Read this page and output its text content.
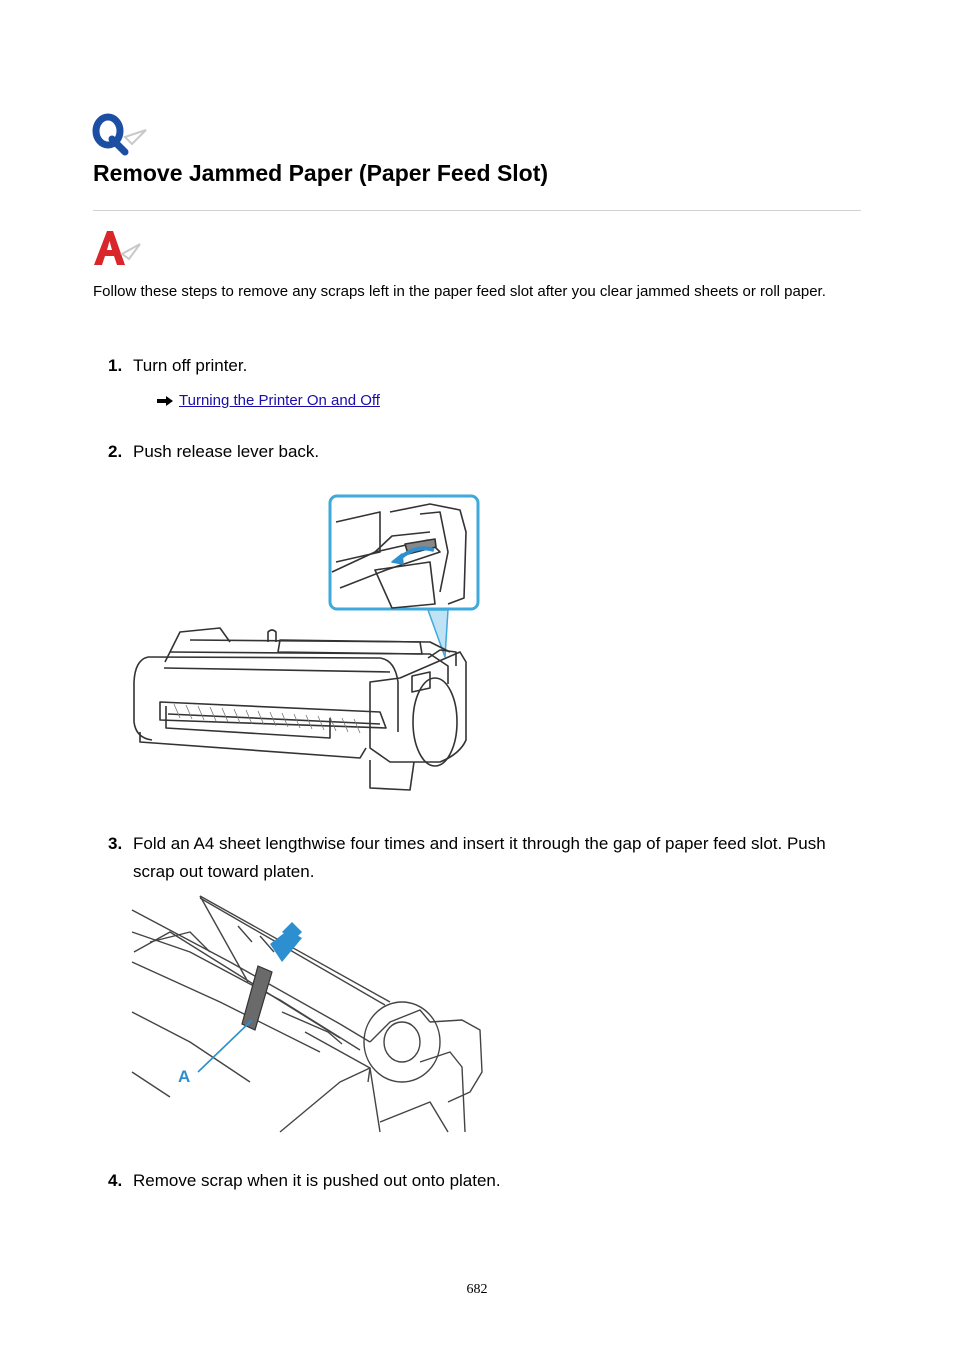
Remove Jammed Paper (Paper Feed Slot)
Follow these steps to remove any scraps left in the paper feed slot after you clear jammed sheets or roll paper.
1. Turn off printer.
Turning the Printer On and Off
2. Push release lever back.
3. Fold an A4 sheet lengthwise four times and insert it through the gap of paper feed slot. Push scrap out toward platen.
A
4. Remove scrap when it is pushed out onto platen.
682
